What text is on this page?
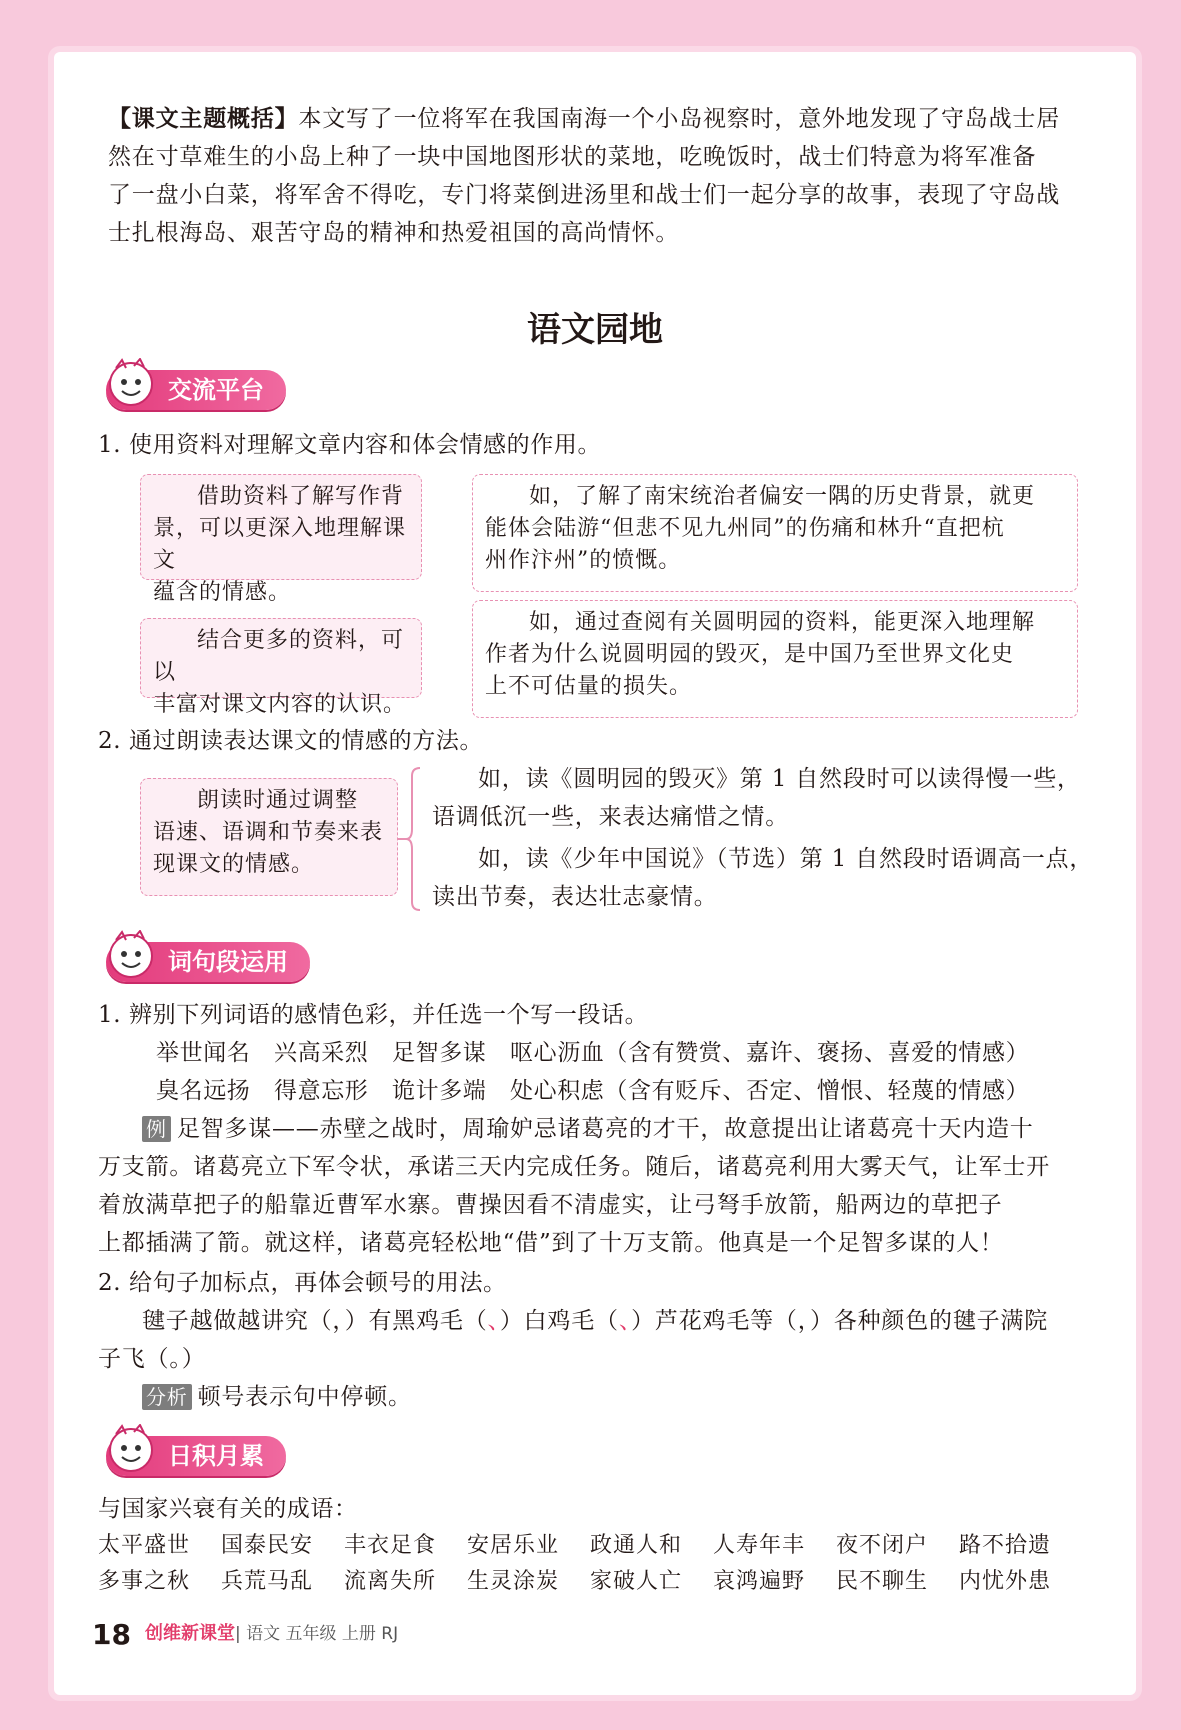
【课文主题概括】本文写了一位将军在我国南海一个小岛视察时，意外地发现了守岛战士居
然在寸草难生的小岛上种了一块中国地图形状的菜地，吃晚饭时，战士们特意为将军准备
了一盘小白菜，将军舍不得吃，专门将菜倒进汤里和战士们一起分享的故事，表现了守岛战
士扎根海岛、艰苦守岛的精神和热爱祖国的高尚情怀。
语文园地
交流平台
1. 使用资料对理解文章内容和体会情感的作用。
借助资料了解写作背
景，可以更深入地理解课文
蕴含的情感。
如，了解了南宋统治者偏安一隅的历史背景，就更
能体会陆游“但悲不见九州同”的伤痛和林升“直把杭
州作汴州”的愤慨。
结合更多的资料，可以
丰富对课文内容的认识。
如，通过查阅有关圆明园的资料，能更深入地理解
作者为什么说圆明园的毁灭，是中国乃至世界文化史
上不可估量的损失。
2. 通过朗读表达课文的情感的方法。
朗读时通过调整
语速、语调和节奏来表
现课文的情感。
如，读《圆明园的毁灭》第 1 自然段时可以读得慢一些，
语调低沉一些，来表达痛惜之情。
如，读《少年中国说》（节选）第 1 自然段时语调高一点，
读出节奏，表达壮志豪情。
词句段运用
1. 辨别下列词语的感情色彩，并任选一个写一段话。
举世闻名　兴高采烈　足智多谋　呕心沥血（含有赞赏、嘉许、褒扬、喜爱的情感）
臭名远扬　得意忘形　诡计多端　处心积虑（含有贬斥、否定、憎恨、轻蔑的情感）
例 足智多谋——赤壁之战时，周瑜妒忌诸葛亮的才干，故意提出让诸葛亮十天内造十
万支箭。诸葛亮立下军令状，承诺三天内完成任务。随后，诸葛亮利用大雾天气，让军士开
着放满草把子的船靠近曹军水寨。曹操因看不清虚实，让弓弩手放箭，船两边的草把子
上都插满了箭。就这样，诸葛亮轻松地“借”到了十万支箭。他真是一个足智多谋的人！
2. 给句子加标点，再体会顿号的用法。
毽子越做越讲究（，）有黑鸡毛（、）白鸡毛（、）芦花鸡毛等（，）各种颜色的毽子满院
子飞（。）
分析 顿号表示句中停顿。
日积月累
与国家兴衰有关的成语：
太平盛世 国泰民安 丰衣足食 安居乐业 政通人和 人寿年丰 夜不闭户 路不拾遗
多事之秋 兵荒马乱 流离失所 生灵涂炭 家破人亡 哀鸿遍野 民不聊生 内忧外患
18 创维新课堂| 语文 五年级 上册 RJ
